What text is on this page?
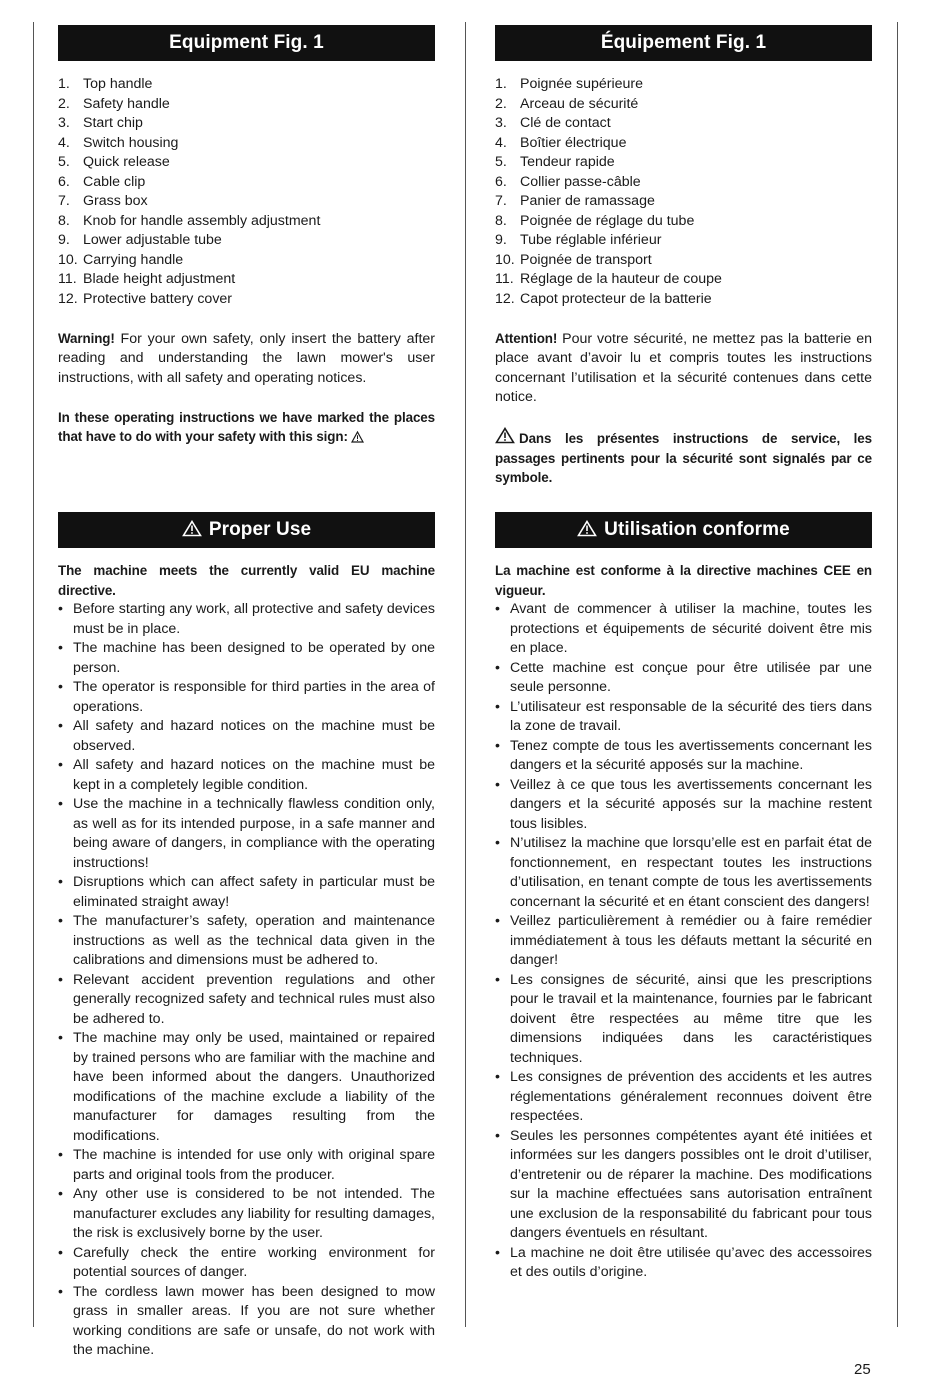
Equipment Fig. 1
1. Top handle
2. Safety handle
3. Start chip
4. Switch housing
5. Quick release
6. Cable clip
7. Grass box
8. Knob for handle assembly adjustment
9. Lower adjustable tube
10. Carrying handle
11. Blade height adjustment
12. Protective battery cover

Warning! For your own safety, only insert the battery after reading and understanding the lawn mower's user instructions, with all safety and operating notices.

In these operating instructions we have marked the places that have to do with your safety with this sign:

Équipement Fig. 1
1. Poignée supérieure
2. Arceau de sécurité
3. Clé de contact
4. Boîtier électrique
5. Tendeur rapide
6. Collier passe-câble
7. Panier de ramassage
8. Poignée de réglage du tube
9. Tube réglable inférieur
10. Poignée de transport
11. Réglage de la hauteur de coupe
12. Capot protecteur de la batterie

Attention! Pour votre sécurité, ne mettez pas la batterie en place avant d’avoir lu et compris toutes les instructions concernant l’utilisation et la sécurité contenues dans cette notice.

Dans les présentes instructions de service, les passages pertinents pour la sécurité sont signalés par ce symbole.

Proper Use

The machine meets the currently valid EU machine directive.

• Before starting any work, all protective and safety devices must be in place.
• The machine has been designed to be operated by one person.
• The operator is responsible for third parties in the area of operations.
• All safety and hazard notices on the machine must be observed.
• All safety and hazard notices on the machine must be kept in a completely legible condition.
• Use the machine in a technically flawless condition only, as well as for its intended purpose, in a safe manner and being aware of dangers, in compliance with the operating instructions!
• Disruptions which can affect safety in particular must be eliminated straight away!
• The manufacturer’s safety, operation and maintenance instructions as well as the technical data given in the calibrations and dimensions must be adhered to.
• Relevant accident prevention regulations and other generally recognized safety and technical rules must also be adhered to.
• The machine may only be used, maintained or repaired by trained persons who are familiar with the machine and have been informed about the dangers. Unauthorized modifications of the machine exclude a liability of the manufacturer for damages resulting from the modifications.
• The machine is intended for use only with original spare parts and original tools from the producer.
• Any other use is considered to be not intended. The manufacturer excludes any liability for resulting damages, the risk is exclusively borne by the user.
• Carefully check the entire working environment for potential sources of danger.
• The cordless lawn mower has been designed to mow grass in smaller areas. If you are not sure whether working conditions are safe or unsafe, do not work with the machine.
Utilisation conforme

La machine est conforme à la directive machines CEE en vigueur.

• Avant de commencer à utiliser la machine, toutes les protections et équipements de sécurité doivent être mis en place.
• Cette machine est conçue pour être utilisée par une seule personne.
• L’utilisateur est responsable de la sécurité des tiers dans la zone de travail.
• Tenez compte de tous les avertissements concernant les dangers et la sécurité apposés sur la machine.
• Veillez à ce que tous les avertissements concernant les dangers et la sécurité apposés sur la machine restent tous lisibles.
• N’utilisez la machine que lorsqu’elle est en parfait état de fonctionnement, en respectant toutes les instructions d’utilisation, en tenant compte de tous les avertissements concernant la sécurité et en étant conscient des dangers!
• Veillez particulièrement à remédier ou à faire remédier immédiatement à tous les défauts mettant la sécurité en danger!
• Les consignes de sécurité, ainsi que les prescriptions pour le travail et la maintenance, fournies par le fabricant doivent être respectées au même titre que les dimensions indiquées dans les caractéristiques techniques.
• Les consignes de prévention des accidents et les autres réglementations généralement reconnues doivent être respectées.
• Seules les personnes compétentes ayant été initiées et informées sur les dangers possibles ont le droit d’utiliser, d’entretenir ou de réparer la machine. Des modifications sur la machine effectuées sans autorisation entraînent une exclusion de la responsabilité du fabricant pour tous dangers éventuels en résultant.
• La machine ne doit être utilisée qu’avec des accessoires et des outils d’origine.
25
